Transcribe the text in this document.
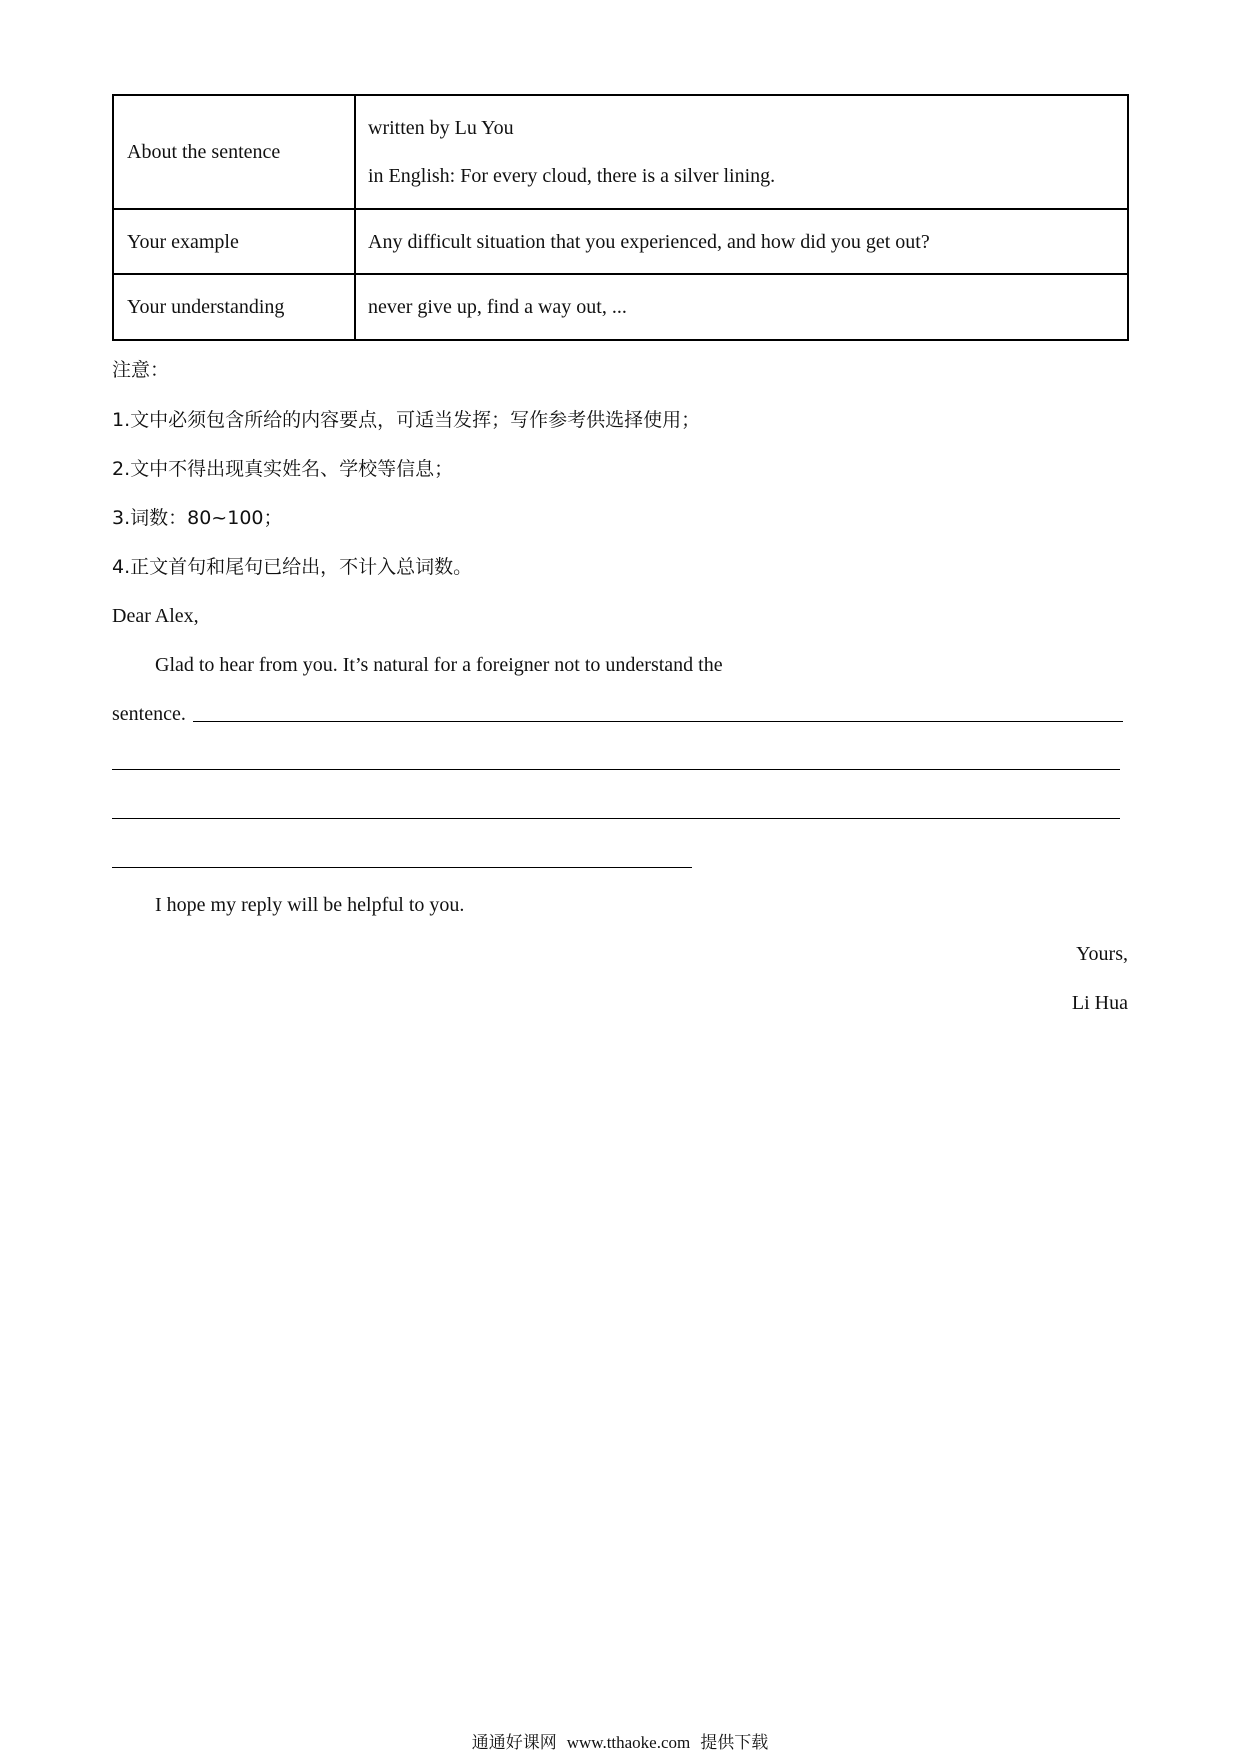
About the sentence	written by Lu You
in English: For every cloud, there is a silver lining.

Your example	Any difficult situation that you experienced, and how did you get out?

Your understanding	never give up, find a way out, ...
注意：
1.文中必须包含所给的内容要点，可适当发挥；写作参考供选择使用；
2.文中不得出现真实姓名、学校等信息；
3.词数：80~100；
4.正文首句和尾句已给出，不计入总词数。
Dear Alex,
Glad to hear from you. It’s natural for a foreigner not to understand the
sentence.
I hope my reply will be helpful to you.
Yours,
Li Hua
通通好课网 www.tthaoke.com 提供下载
